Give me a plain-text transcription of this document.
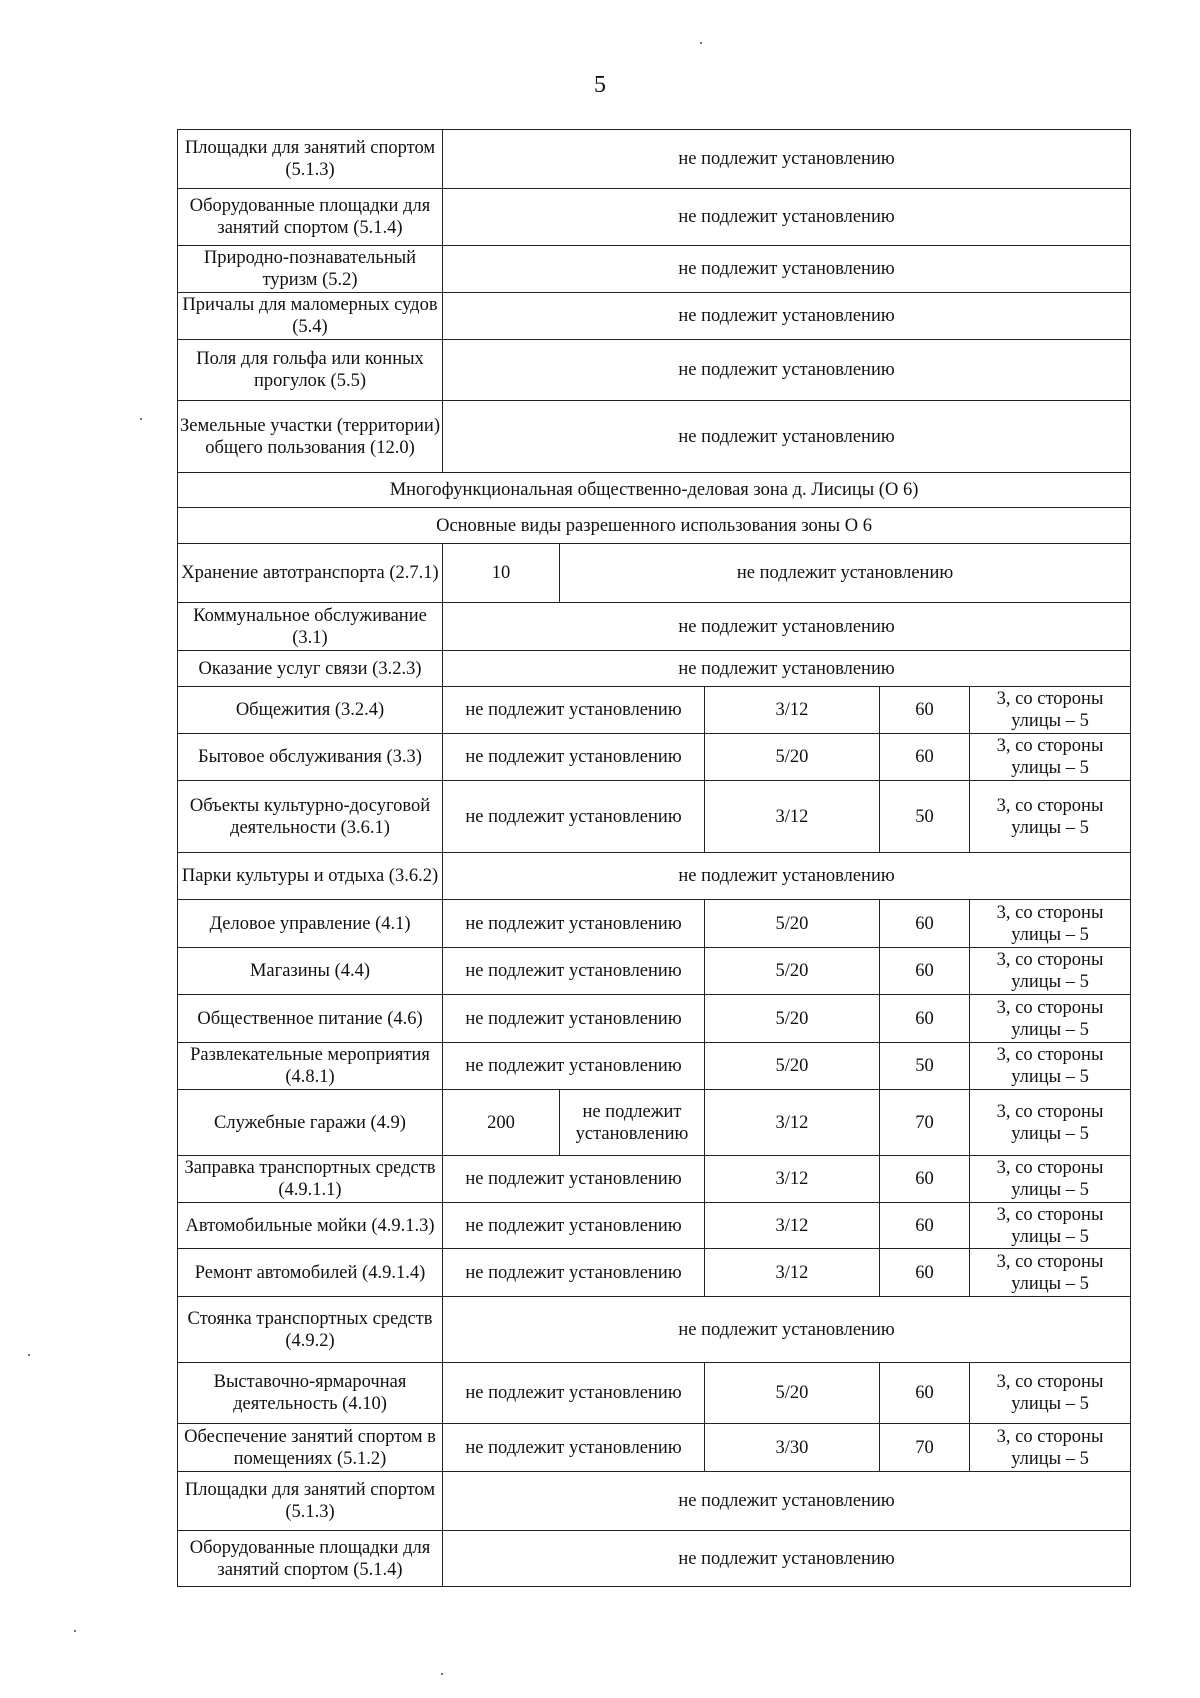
5
Площадки для занятий спортом (5.1.3)	не подлежит установлению				
Оборудованные площадки для занятий спортом (5.1.4)	не подлежит установлению				
Природно-познавательный туризм (5.2)	не подлежит установлению				
Причалы для маломерных судов (5.4)	не подлежит установлению				
Поля для гольфа или конных прогулок (5.5)	не подлежит установлению				
Земельные участки (территории) общего пользования (12.0)	не подлежит установлению				
Многофункциональная общественно-деловая зона д. Лисицы (О 6)					
Основные виды разрешенного использования зоны О 6					
Хранение автотранспорта (2.7.1)	10	не подлежит установлению			
Коммунальное обслуживание (3.1)	не подлежит установлению				
Оказание услуг связи (3.2.3)	не подлежит установлению				
Общежития (3.2.4)	не подлежит установлению		3/12	60	3, со стороны
улицы – 5
Бытовое обслуживания (3.3)	не подлежит установлению		5/20	60	3, со стороны
улицы – 5
Объекты культурно-досуговой деятельности (3.6.1)	не подлежит установлению		3/12	50	3, со стороны
улицы – 5
Парки культуры и отдыха (3.6.2)	не подлежит установлению				
Деловое управление (4.1)	не подлежит установлению		5/20	60	3, со стороны
улицы – 5
Магазины (4.4)	не подлежит установлению		5/20	60	3, со стороны
улицы – 5
Общественное питание (4.6)	не подлежит установлению		5/20	60	3, со стороны
улицы – 5
Развлекательные мероприятия (4.8.1)	не подлежит установлению		5/20	50	3, со стороны
улицы – 5
Служебные гаражи (4.9)	200	не подлежит
установлению	3/12	70	3, со стороны
улицы – 5
Заправка транспортных средств (4.9.1.1)	не подлежит установлению		3/12	60	3, со стороны
улицы – 5
Автомобильные мойки (4.9.1.3)	не подлежит установлению		3/12	60	3, со стороны
улицы – 5
Ремонт автомобилей (4.9.1.4)	не подлежит установлению		3/12	60	3, со стороны
улицы – 5
Стоянка транспортных средств (4.9.2)	не подлежит установлению				
Выставочно-ярмарочная деятельность (4.10)	не подлежит установлению		5/20	60	3, со стороны
улицы – 5
Обеспечение занятий спортом в помещениях (5.1.2)	не подлежит установлению		3/30	70	3, со стороны
улицы – 5
Площадки для занятий спортом (5.1.3)	не подлежит установлению				
Оборудованные площадки для занятий спортом (5.1.4)	не подлежит установлению				
